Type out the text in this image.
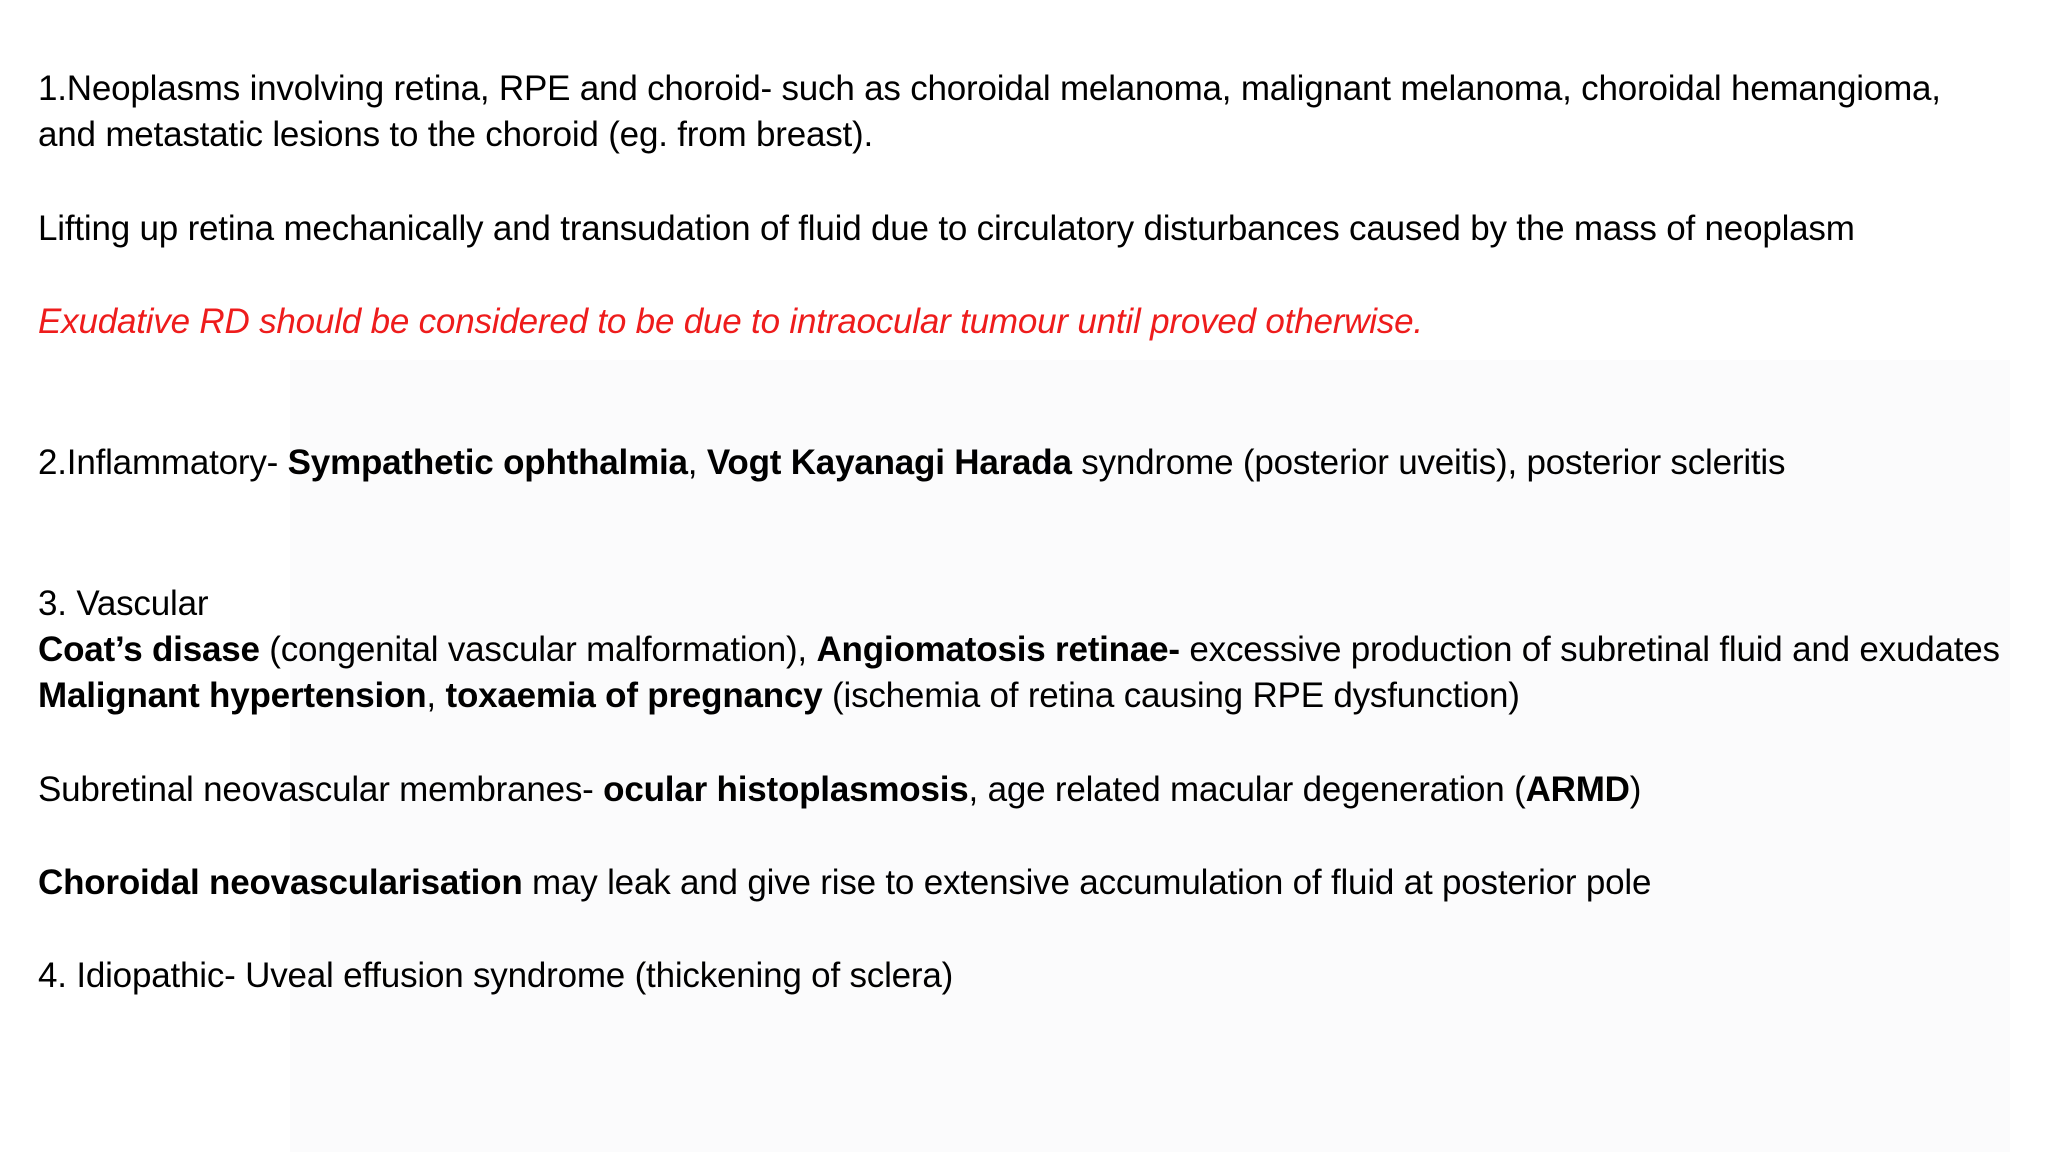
1.Neoplasms involving retina, RPE and choroid- such as choroidal melanoma, malignant melanoma, choroidal hemangioma,
and metastatic lesions to the choroid (eg. from breast).
Lifting up retina mechanically and transudation of fluid due to circulatory disturbances caused by the mass of neoplasm
Exudative RD should be considered to be due to intraocular tumour until proved otherwise.
2.Inflammatory- Sympathetic ophthalmia, Vogt Kayanagi Harada syndrome (posterior uveitis), posterior scleritis
3. Vascular
Coat’s disase (congenital vascular malformation), Angiomatosis retinae- excessive production of subretinal fluid and exudates
Malignant hypertension, toxaemia of pregnancy (ischemia of retina causing RPE dysfunction)
Subretinal neovascular membranes- ocular histoplasmosis, age related macular degeneration (ARMD)
Choroidal neovascularisation may leak and give rise to extensive accumulation of fluid at posterior pole
4. Idiopathic- Uveal effusion syndrome (thickening of sclera)
